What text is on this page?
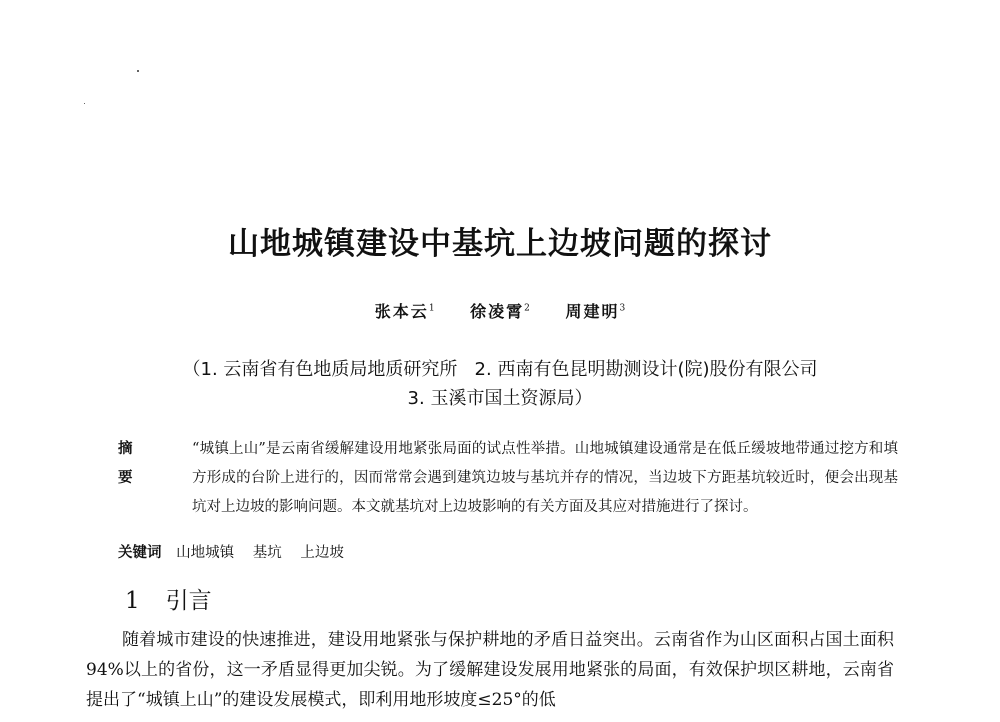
山地城镇建设中基坑上边坡问题的探讨
张本云$^1$ 徐凌霄$^2$ 周建明$^3$
（1. 云南省有色地质局地质研究所   2. 西南有色昆明勘测设计(院)股份有限公司
3. 玉溪市国土资源局）
摘 要
“城镇上山”是云南省缓解建设用地紧张局面的试点性举措。山地城镇建设通常是在低丘缓坡地带通过挖方和填方形成的台阶上进行的，因而常常会遇到建筑边坡与基坑并存的情况，当边坡下方距基坑较近时，便会出现基坑对上边坡的影响问题。本文就基坑对上边坡影响的有关方面及其应对措施进行了探讨。
关键词 山地城镇 基坑 上边坡
1 引言

随着城市建设的快速推进，建设用地紧张与保护耕地的矛盾日益突出。云南省作为山区面积占国土面积94%以上的省份，这一矛盾显得更加尖锐。为了缓解建设发展用地紧张的局面，有效保护坝区耕地，云南省提出了“城镇上山”的建设发展模式，即利用地形坡度≤25°的低
